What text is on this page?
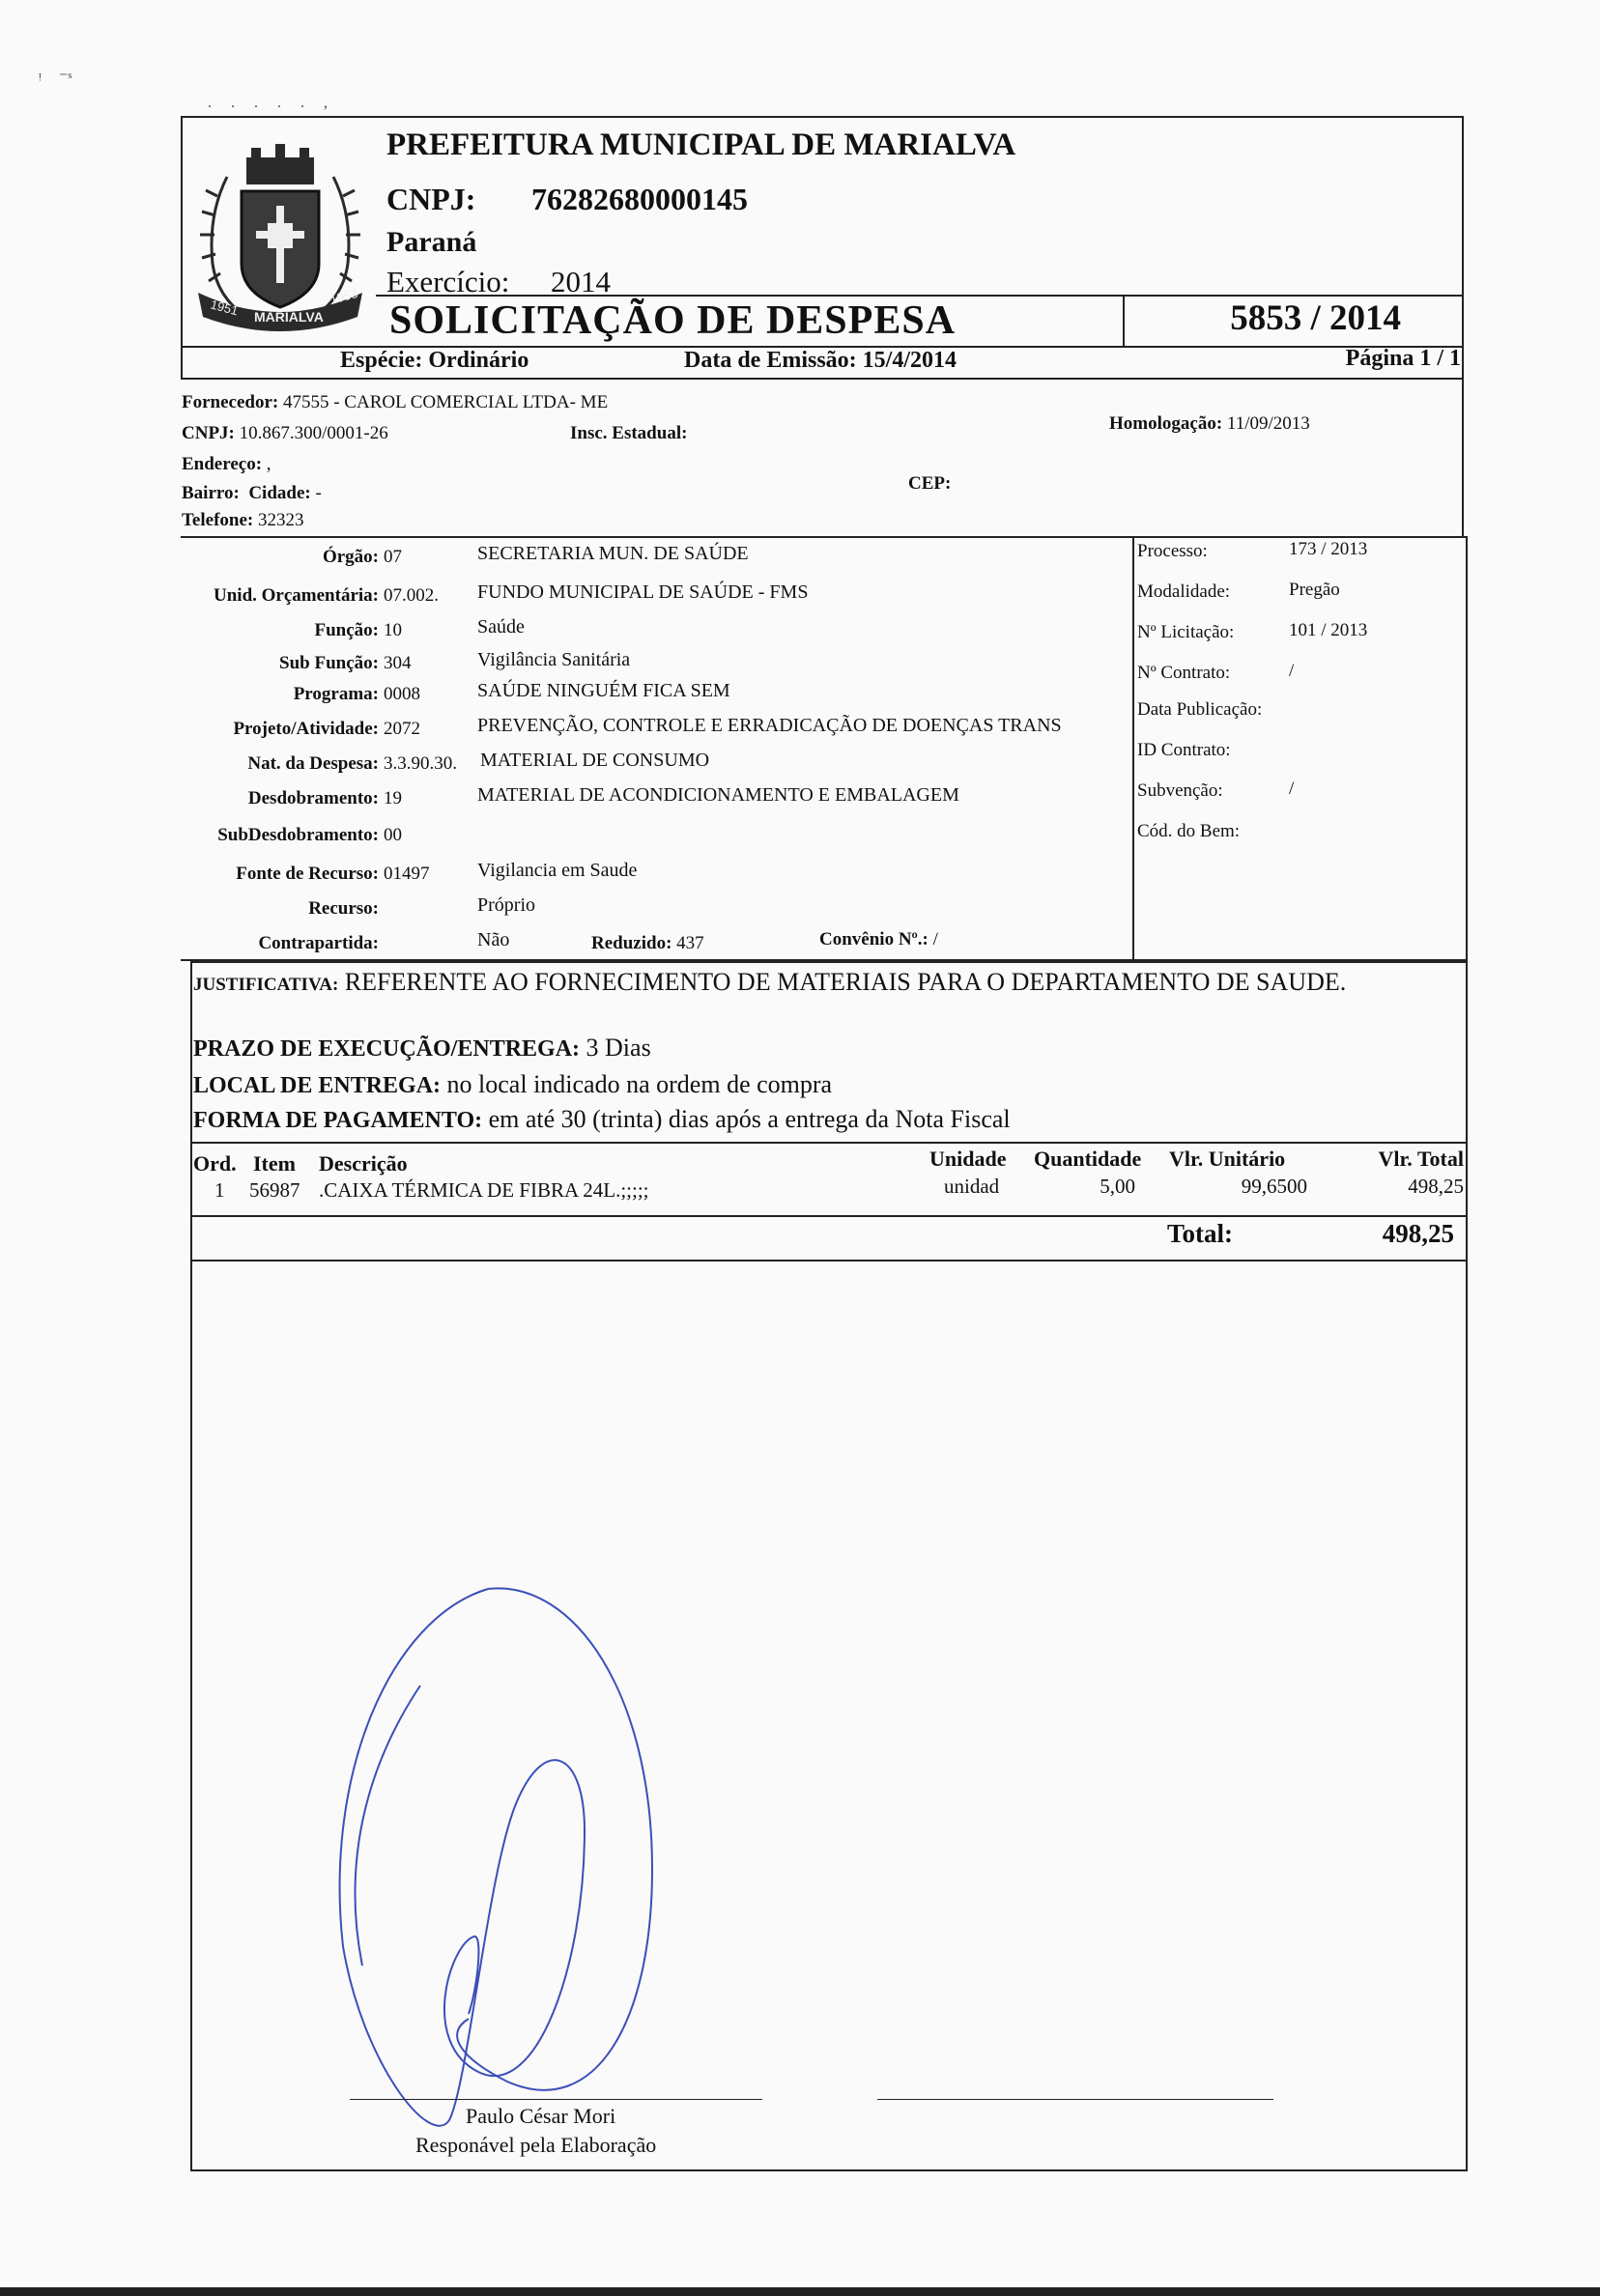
ᵎ    ⁻ˢ
. . . . . ,
1951 MARIALVA
1953
PREFEITURA MUNICIPAL DE MARIALVA
CNPJ: 76282680000145
Paraná
Exercício: 2014
SOLICITAÇÃO DE DESPESA	5853 / 2014
Espécie: Ordinário	Data de Emissão: 15/4/2014	Página 1 / 1
Fornecedor: 47555 - CAROL COMERCIAL LTDA- ME
CNPJ: 10.867.300/0001-26	Insc. Estadual:	Homologação: 11/09/2013
Endereço: ,
Bairro: Cidade: -	CEP:
Telefone: 32323
Órgão: 07	SECRETARIA MUN. DE SAÚDE
Unid. Orçamentária: 07.002. FUNDO MUNICIPAL DE SAÚDE - FMS
Função: 10	Saúde
Sub Função: 304	Vigilância Sanitária
Programa: 0008	SAÚDE NINGUÉM FICA SEM
Projeto/Atividade: 2072	PREVENÇÃO, CONTROLE E ERRADICAÇÃO DE DOENÇAS TRANS
Nat. da Despesa: 3.3.90.30. MATERIAL DE CONSUMO
Desdobramento: 19	MATERIAL DE ACONDICIONAMENTO E EMBALAGEM
SubDesdobramento: 00
Fonte de Recurso: 01497 Vigilancia em Saude
Recurso:	Próprio
Contrapartida:	Não
Processo:	173 / 2013
Modalidade:	Pregão
Nº Licitação:	101 / 2013
Nº Contrato:	/
Data Publicação:
ID Contrato:
Subvenção:	/
Cód. do Bem:
Reduzido: 437	Convênio Nº.: /
JUSTIFICATIVA: REFERENTE AO FORNECIMENTO DE MATERIAIS PARA O DEPARTAMENTO DE SAUDE.
PRAZO DE EXECUÇÃO/ENTREGA: 3 Dias
LOCAL DE ENTREGA: no local indicado na ordem de compra
FORMA DE PAGAMENTO: em até 30 (trinta) dias após a entrega da Nota Fiscal
Ord. Item Descrição	Unidade Quantidade Vlr. Unitário	Vlr. Total
1 56987 .CAIXA TÉRMICA DE FIBRA 24L.;;;;;	unidad	5,00	99,6500	498,25
Total:	498,25
Paulo César Mori
Responável pela Elaboração
